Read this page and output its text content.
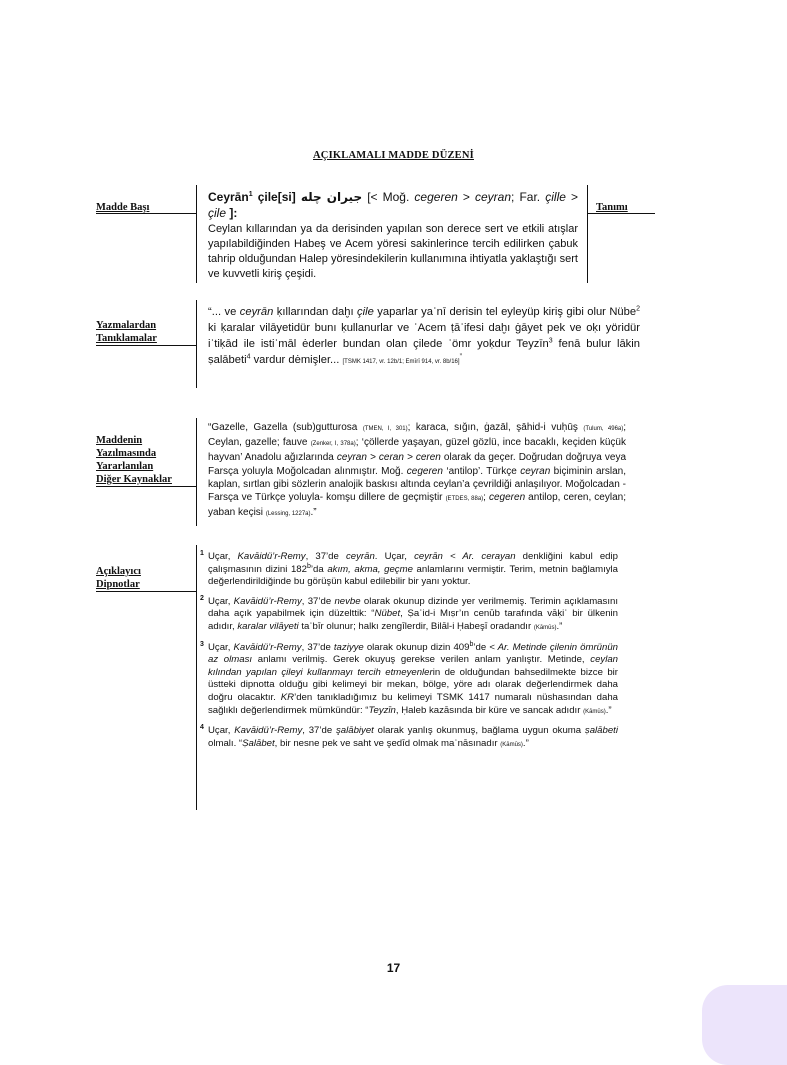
AÇIKLAMALI MADDE DÜZENİ
Madde Başı	Tanımı
Ceyrān$^1$ çile[si] جيران چله [< Moğ. cegeren > ceyran; Far. çille > çile ]:
Ceylan kıllarından ya da derisinden yapılan son derece sert ve etkili atışlar yapılabildiğinden Habeş ve Acem yöresi sakinlerince tercih edilirken çabuk tahrip olduğundan Halep yöresindekilerin kullanımına ihtiyatla yaklaştığı sert ve kuvvetli kiriş çeşidi.
Yazmalardan
Tanıklamalar
“... ve ceyrān ḳıllarından daḫı çile yaparlar yaʿnī derisin tel eyleyüp kiriş gibi olur Nübe$^2$ ki ḳaralar vilāyetidür bunı ḳullanurlar ve ʿAcem ṭāʾifesi daḫı ġāyet pek ve oḳı yöridür iʿtiḳād ile istiʿmāl ėderler bundan olan çilede ʿömr yoḳdur Teyzīn$^3$ fenā bulur lākin ṣalābeti$^4$ vardur dėmişler... [TSMK 1417, vr. 12b/1; Emīrī 914, vr. 8b/16]”
Maddenin
Yazılmasında
Yararlanılan
Diğer Kaynaklar
“Gazelle, Gazella (sub)gutturosa (TMEN, I, 301); karaca, sığın, ġazāl, şāhid-i vuḥūş (Tulum, 496a); Ceylan, gazelle; fauve (Zenker, I, 378a); ‘çöllerde yaşayan, güzel gözlü, ince bacaklı, keçiden küçük hayvan’ Anadolu ağızlarında ceyran > ceran > ceren olarak da geçer. Doğrudan doğruya veya Farsça yoluyla Moğolcadan alınmıştır. Moğ. cegeren ‘antilop’. Türkçe ceyran biçiminin arslan, kaplan, sırtlan gibi sözlerin analojik baskısı altında ceylan’a çevrildiği anlaşılıyor. Moğolcadan -Farsça ve Türkçe yoluyla- komşu dillere de geçmiştir (ETDES, 88a); cegeren antilop, ceren, ceylan; yaban keçisi (Lessing, 1227a).”
Açıklayıcı
Dipnotlar
1 Uçar, Kavāidü’r-Remy, 37’de ceyrān. Uçar, ceyrān < Ar. cerayan denkliğini kabul edip çalışmasının dizini 182$^b$’da akım, akma, geçme anlamlarını vermiştir. Terim, metnin bağlamıyla değerlendirildiğinde bu görüşün kabul edilebilir bir yanı yoktur.
2 Uçar, Kavāidü’r-Remy, 37’de nevbe olarak okunup dizinde yer verilmemiş. Terimin açıklamasını daha açık yapabilmek için düzelttik: “Nübet, Ṣaʿid-i Mıṣr’ın cenūb tarafında vāḳiʿ bir ülkenin adıdır, karalar vilāyeti taʿbīr olunur; halkı zengīlerdir, Bilāl-i Ḥabeşī oradandır (Kāmūs).”
3 Uçar, Kavāidü’r-Remy, 37’de taziyye olarak okunup dizin $409^b’de < Ar$. Metinde çilenin ömrünün az olması anlamı verilmiş. Gerek okuyuş gerekse verilen anlam yanlıştır. Metinde, ceylan kılından yapılan çileyi kullanmayı tercih etmeyenlerin de olduğundan bahsedilmekte bizce bir üstteki dipnotta olduğu gibi kelimeyi bir mekan, bölge, yöre adı olarak değerlendirmek daha doğru olacaktır. KR’den tanıkladığımız bu kelimeyi TSMK 1417 numaralı nüshasından daha sağlıklı değerlendirmek mümkündür: “Teyzīn, Ḥaleb kazāsında bir küre ve sancak adıdır (Kāmūs).”
4 Uçar, Kavāidü’r-Remy, 37’de şalābiyet olarak yanlış okunmuş, bağlama uygun okuma ṣalābeti olmalı. “Ṣalābet, bir nesne pek ve saht ve şedīd olmak maʿnāsınadır (Kāmūs).”
17
